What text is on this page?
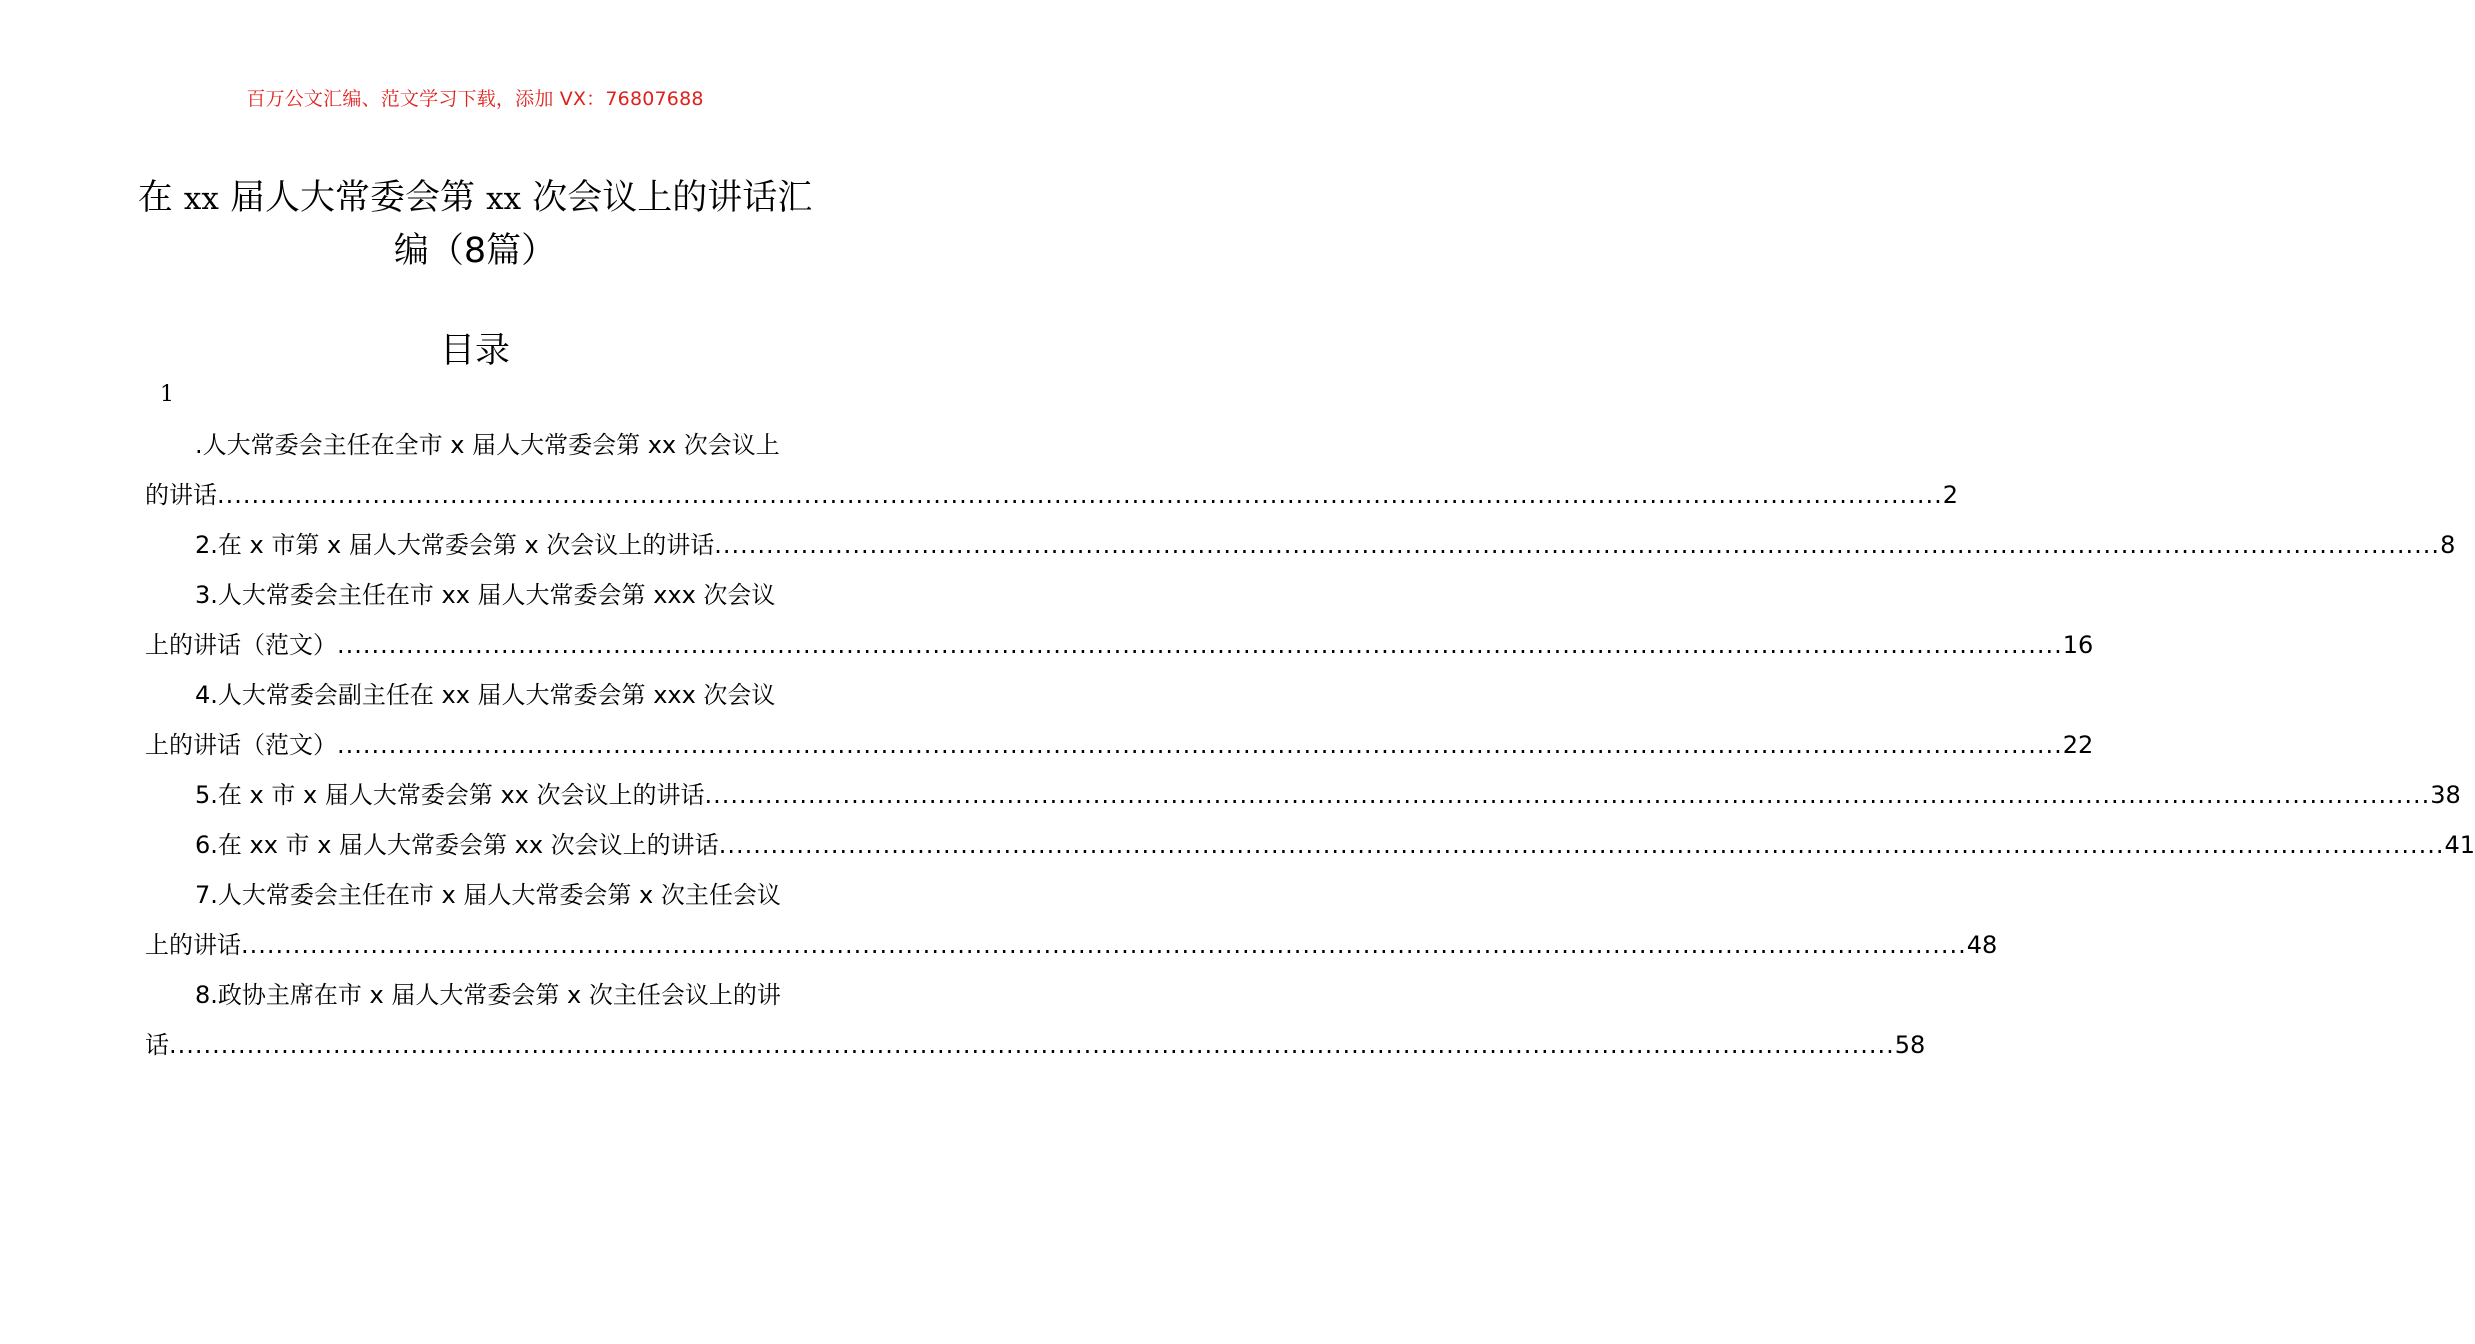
百万公文汇编、范文学习下载，添加 VX：76807688
在 xx 届人大常委会第 xx 次会议上的讲话汇
编（8篇）
目录
1
.人大常委会主任在全市 x 届人大常委会第 xx 次会议上
的讲话 ........................................................................................................................................................................................................ 2
2.在 x 市第 x 届人大常委会第 x 次会议上的讲话 ........................................................................................................................................................................................................ 8
3.人大常委会主任在市 xx 届人大常委会第 xxx 次会议
上的讲话（范文） ........................................................................................................................................................................................................ 16
4.人大常委会副主任在 xx 届人大常委会第 xxx 次会议
上的讲话（范文） ........................................................................................................................................................................................................ 22
5.在 x 市 x 届人大常委会第 xx 次会议上的讲话 ........................................................................................................................................................................................................ 38
6.在 xx 市 x 届人大常委会第 xx 次会议上的讲话 ........................................................................................................................................................................................................ 41
7.人大常委会主任在市 x 届人大常委会第 x 次主任会议
上的讲话 ........................................................................................................................................................................................................ 48
8.政协主席在市 x 届人大常委会第 x 次主任会议上的讲
话 ........................................................................................................................................................................................................ 58
